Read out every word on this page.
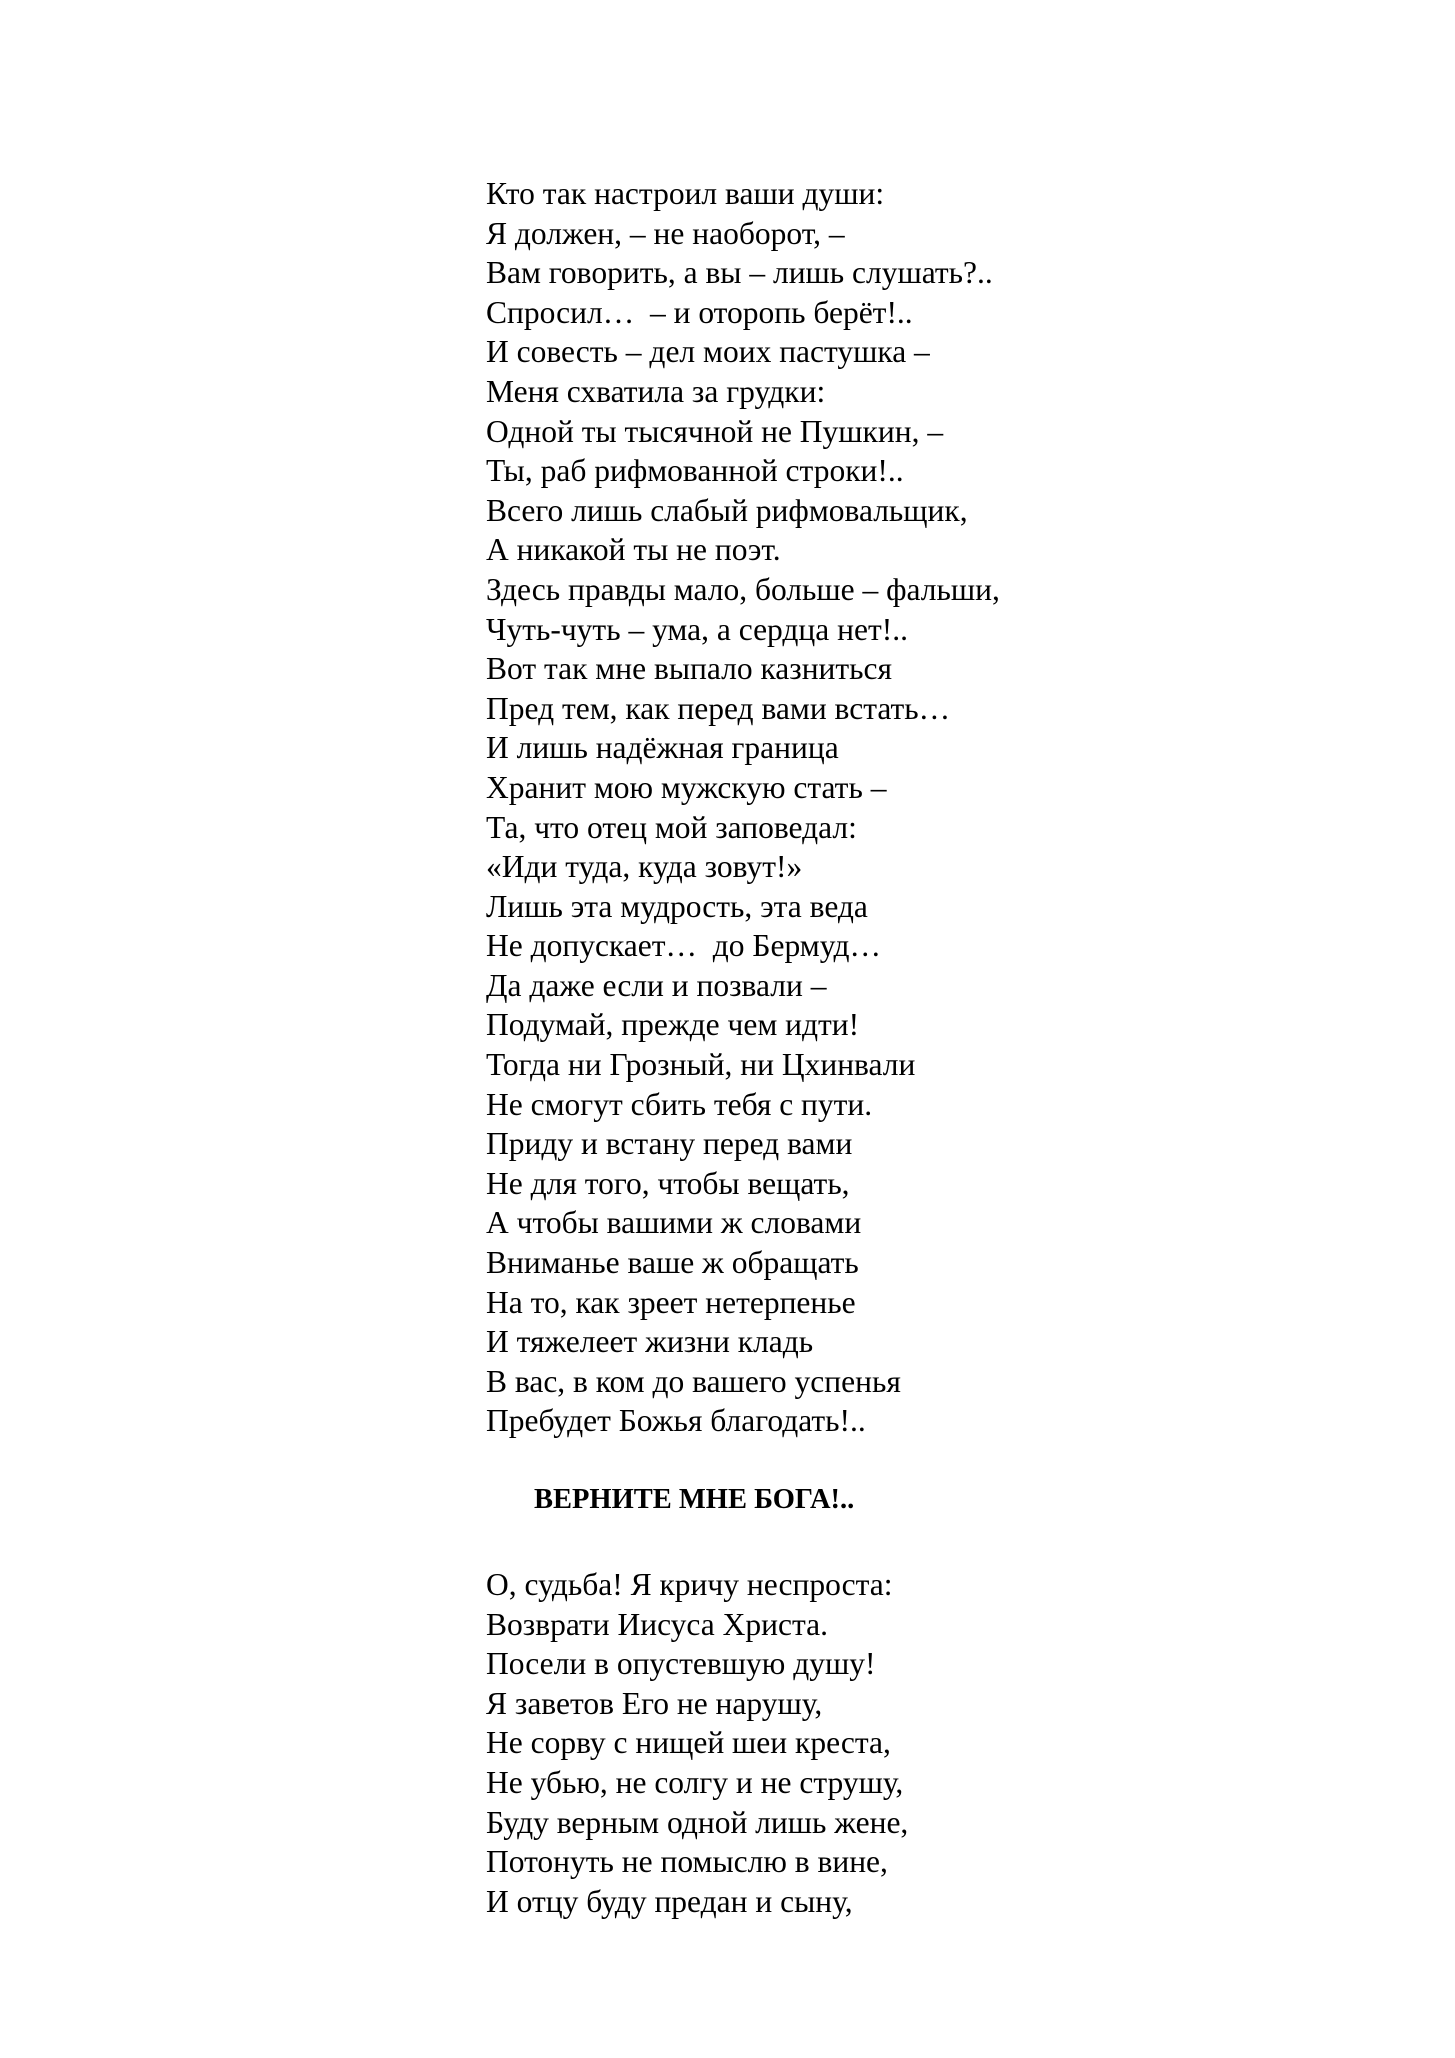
Кто так настроил ваши души:
Я должен, – не наоборот, –
Вам говорить, а вы – лишь слушать?..
Спросил…  – и оторопь берёт!..
И совесть – дел моих пастушка –
Меня схватила за грудки:
Одной ты тысячной не Пушкин, –
Ты, раб рифмованной строки!..
Всего лишь слабый рифмовальщик,
А никакой ты не поэт.
Здесь правды мало, больше – фальши,
Чуть-чуть – ума, а сердца нет!..
Вот так мне выпало казниться
Пред тем, как перед вами встать…
И лишь надёжная граница
Хранит мою мужскую стать –
Та, что отец мой заповедал:
«Иди туда, куда зовут!»
Лишь эта мудрость, эта веда
Не допускает…  до Бермуд…
Да даже если и позвали –
Подумай, прежде чем идти!
Тогда ни Грозный, ни Цхинвали
Не смогут сбить тебя с пути.
Приду и встану перед вами
Не для того, чтобы вещать,
А чтобы вашими ж словами
Вниманье ваше ж обращать
На то, как зреет нетерпенье
И тяжелеет жизни кладь
В вас, в ком до вашего успенья
Пребудет Божья благодать!..
ВЕРНИТЕ МНЕ БОГА!..
О, судьба! Я кричу неспроста:
Возврати Иисуса Христа.
Посели в опустевшую душу!
Я заветов Его не нарушу,
Не сорву с нищей шеи креста,
Не убью, не солгу и не струшу,
Буду верным одной лишь жене,
Потонуть не помыслю в вине,
И отцу буду предан и сыну,
